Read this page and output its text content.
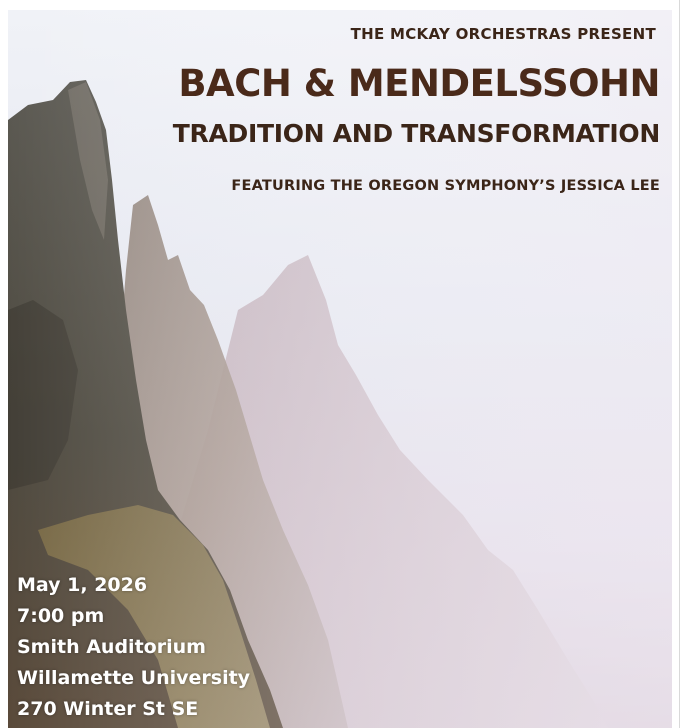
THE MCKAY ORCHESTRAS PRESENT

BACH & MENDELSSOHN

TRADITION AND TRANSFORMATION

FEATURING THE OREGON SYMPHONY’S JESSICA LEE

May 1, 2026
7:00 pm
Smith Auditorium
Willamette University
270 Winter St SE
